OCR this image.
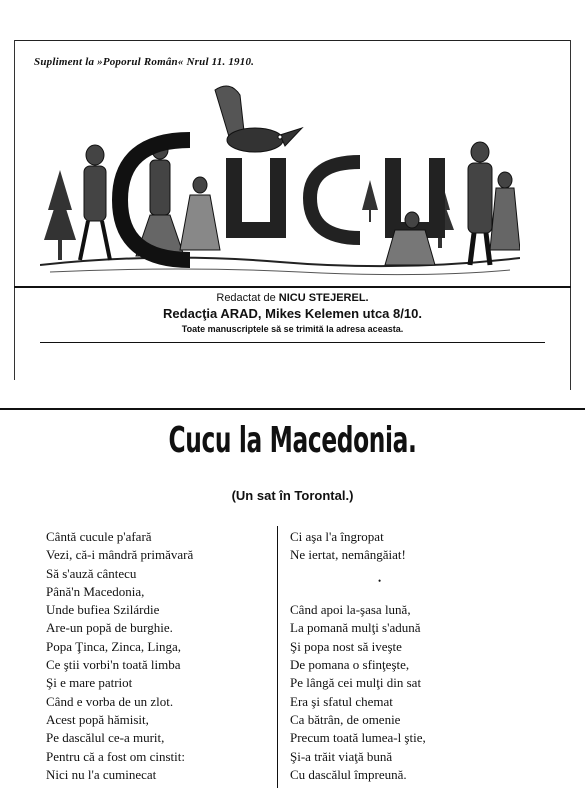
Supliment la »Poporul Român« Nrul 11. 1910.
Redactat de NICU STEJEREL.
Redacţia ARAD, Mikes Kelemen utca 8/10.
Toate manuscriptele să se trimită la adresa aceasta.
Cucu la Macedonia.
(Un sat în Torontal.)
Cântă cucule p'afară
Vezi, că-i mândră primăvară
Să s'auză cântecu
Până'n Macedonia,
Unde bufiea Szilárdie
Are-un popă de burghie.
Popa Ţinca, Zinca, Linga,
Ce ştii vorbi'n toată limba
Şi e mare patriot
Când e vorba de un zlot.
Acest popă hămisit,
Pe dascălul ce-a murit,
Pentru că a fost om cinstit:
Nici nu l'a cuminecat
Ci aşa l'a îngropat
Ne iertat, nemângăiat!

Când apoi la-şasa lună,
La pomană mulţi s'adună
Şi popa nost să iveşte
De pomana o sfinţeşte,
Pe lângă cei mulţi din sat
Era şi sfatul chemat
Ca bătrân, de omenie
Precum toată lumea-l ştie,
Şi-a trăit viaţă bună
Cu dascălul împreună.
•
